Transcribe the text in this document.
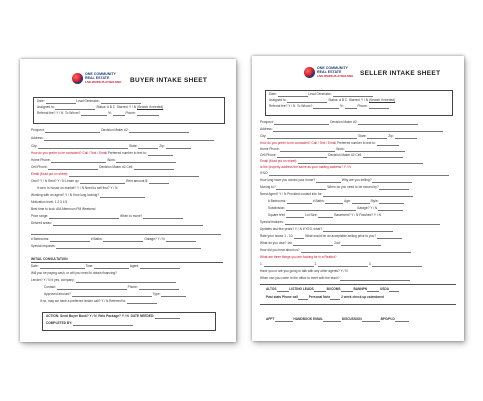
ONE COMMUNITY
REAL ESTATE
LIVE.WORK.PLAY.BELONG BUYER INTAKE SHEET
Date:	Lead Generator:
Assigned to:	Status: A B C Starred: Y / N (Search if needed)
Referral fee? Y / N To Whom?	%:	Phone:
Prospect:	Decision Maker #2:
Address:
City:	State:	Zip:
How do you prefer to be contacted? Call / Text / Email Preferred number to text to:
Home Phone:	Work:
Cell Phone:	Decision Maker #2 Cell:
Email (Must put on sheet):
Own? Y / N Rent? Y / N Lease up:	Rent amount $:
If own: Is house on market? Y / N Need to sell first? Y / N
Working with an agent? Y / N How long looking?
Motivation level: 1 2 3 4 5
Best time to look: AM Afternoon PM Weekend
Price range:	When to move?
Desired areas:
# Bedrooms:	# Baths:	Garage? Y / N
Special requests:
INITIAL CONSULTATION
Date:	Time:	Agent:
Will you be paying cash, or will you need to obtain financing?
Lender? Y / N If yes, company:
Contact:	Phone:
Approved amount?	Type:
If no, may we have a preferred lender call? Y / N Referred to:
ACTION: Send Buyer Book? Y / N Relo Package? Y / N DATE NEEDED:
COMPLETED BY:
ONE COMMUNITY
REAL ESTATE
LIVE.WORK.PLAY.BELONG SELLER INTAKE SHEET
Date:	Lead Generator:
Assigned to:	Status: A B C Starred: Y / N (Search if needed)
Referral fee? Y / N To Whom?	%:	Phone:
Prospect:	Decision Maker #2:
Address:
City:	State:	Zip:
How do you prefer to be contacted? Call / Text / Email Preferred number to text to:
Home Phone:	Work:
Cell Phone:	Decision Maker #2 Cell:
Email (Must put on sheet):
Is the property address the same as your mailing address? Y / N
If NO:
How long have you owned your home?	Why are you selling?
Moving to?	When do you need to be moved by?
Need Agent? Y / N Provided contact info for:
# Bedrooms:	# Baths:	Age:	Style:
Subdivision:	Garage? Y / N
Square feet:	Lot Size:	Basement? Y / N Finished? Y / N
Special features:
Updates last few years? Y / N If YES, what?
Rate your house 1 - 10:	What would be an acceptable selling price to you?
What do you owe? 1st:	2nd:
How did you hear about us?
What are three things you are looking for in a Realtor?
1.	2.	3.
Have you or are you going to talk with any other agents? Y / N
When can you come to the office to meet with the team?
ALTOS	LISTING LEADS	BVCOMS	BANNPN	USDA
Past stats Phone call	Personal Note	2 week check up calendared
APPT	HANDBOOK EMAIL	DISCUSSION	BPO/PLD
